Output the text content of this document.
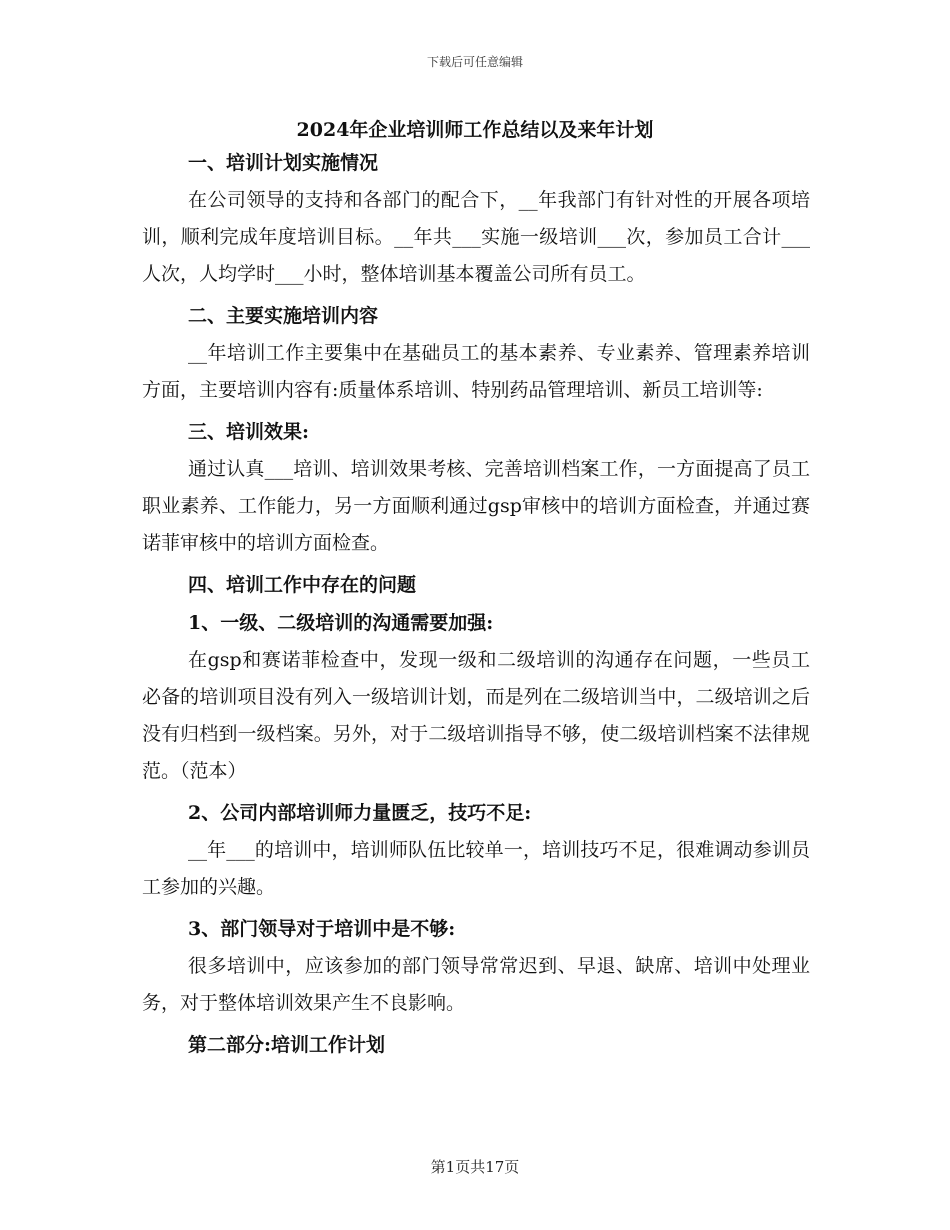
下载后可任意编辑
2024年企业培训师工作总结以及来年计划
一、培训计划实施情况
在公司领导的支持和各部门的配合下，__年我部门有针对性的开展各项培训，顺利完成年度培训目标。__年共___实施一级培训___次，参加员工合计___人次，人均学时___小时，整体培训基本覆盖公司所有员工。
二、主要实施培训内容
__年培训工作主要集中在基础员工的基本素养、专业素养、管理素养培训方面，主要培训内容有:质量体系培训、特别药品管理培训、新员工培训等:
三、培训效果:
通过认真___培训、培训效果考核、完善培训档案工作，一方面提高了员工职业素养、工作能力，另一方面顺利通过gsp审核中的培训方面检查，并通过赛诺菲审核中的培训方面检查。
四、培训工作中存在的问题
1、一级、二级培训的沟通需要加强:
在gsp和赛诺菲检查中，发现一级和二级培训的沟通存在问题，一些员工必备的培训项目没有列入一级培训计划，而是列在二级培训当中，二级培训之后没有归档到一级档案。另外，对于二级培训指导不够，使二级培训档案不法律规范。（范本）
2、公司内部培训师力量匮乏，技巧不足:
__年___的培训中，培训师队伍比较单一，培训技巧不足，很难调动参训员工参加的兴趣。
3、部门领导对于培训中是不够:
很多培训中，应该参加的部门领导常常迟到、早退、缺席、培训中处理业务，对于整体培训效果产生不良影响。
第二部分:培训工作计划
第1页共17页
